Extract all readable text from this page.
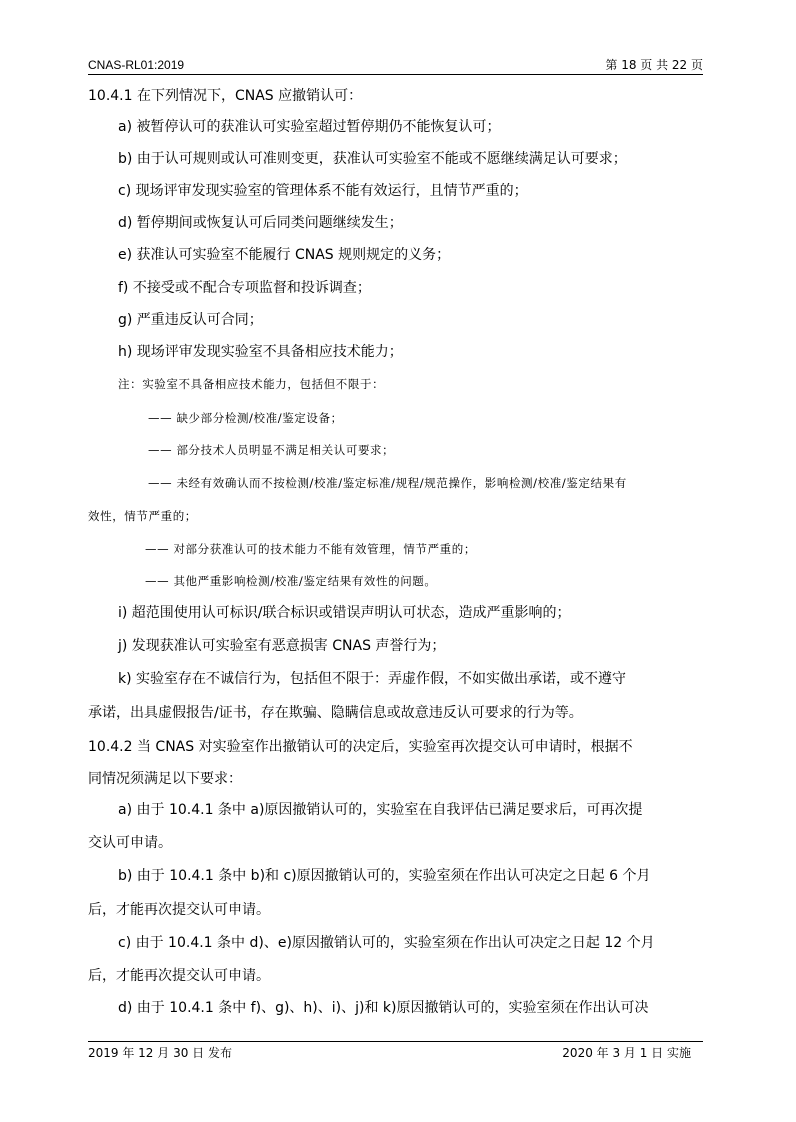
CNAS-RL01:2019	第 18 页 共 22 页
10.4.1 在下列情况下，CNAS 应撤销认可：
a) 被暂停认可的获准认可实验室超过暂停期仍不能恢复认可；
b) 由于认可规则或认可准则变更，获准认可实验室不能或不愿继续满足认可要求；
c) 现场评审发现实验室的管理体系不能有效运行，且情节严重的；
d) 暂停期间或恢复认可后同类问题继续发生；
e) 获准认可实验室不能履行 CNAS 规则规定的义务；
f) 不接受或不配合专项监督和投诉调查；
g) 严重违反认可合同；
h) 现场评审发现实验室不具备相应技术能力；
注：实验室不具备相应技术能力，包括但不限于：
—— 缺少部分检测/校准/鉴定设备；
—— 部分技术人员明显不满足相关认可要求；
—— 未经有效确认而不按检测/校准/鉴定标准/规程/规范操作，影响检测/校准/鉴定结果有
效性，情节严重的；
—— 对部分获准认可的技术能力不能有效管理，情节严重的；
—— 其他严重影响检测/校准/鉴定结果有效性的问题。
i) 超范围使用认可标识/联合标识或错误声明认可状态，造成严重影响的；
j) 发现获准认可实验室有恶意损害 CNAS 声誉行为；
k) 实验室存在不诚信行为，包括但不限于：弄虚作假，不如实做出承诺，或不遵守
承诺，出具虚假报告/证书，存在欺骗、隐瞒信息或故意违反认可要求的行为等。
10.4.2 当 CNAS 对实验室作出撤销认可的决定后，实验室再次提交认可申请时，根据不
同情况须满足以下要求：
a) 由于 10.4.1 条中 a)原因撤销认可的，实验室在自我评估已满足要求后，可再次提
交认可申请。
b) 由于 10.4.1 条中 b)和 c)原因撤销认可的，实验室须在作出认可决定之日起 6 个月
后，才能再次提交认可申请。
c) 由于 10.4.1 条中 d)、e)原因撤销认可的，实验室须在作出认可决定之日起 12 个月
后，才能再次提交认可申请。
d) 由于 10.4.1 条中 f)、g)、h)、i)、j)和 k)原因撤销认可的，实验室须在作出认可决
2019 年 12 月 30 日 发布	2020 年 3 月 1 日 实施
